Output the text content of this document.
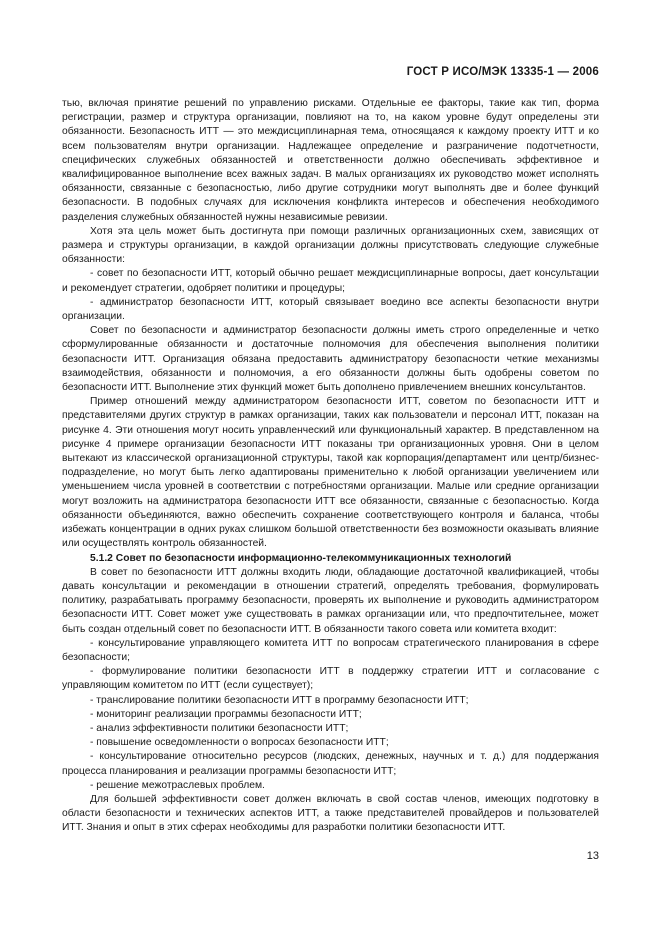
ГОСТ Р ИСО/МЭК 13335-1 — 2006

тью, включая принятие решений по управлению рисками. Отдельные ее факторы, такие как тип, форма регистрации, размер и структура организации, повлияют на то, на каком уровне будут определены эти обязанности. Безопасность ИТТ — это междисциплинарная тема, относящаяся к каждому проекту ИТТ и ко всем пользователям внутри организации. Надлежащее определение и разграничение подотчетности, специфических служебных обязанностей и ответственности должно обеспечивать эффективное и квалифицированное выполнение всех важных задач. В малых организациях их руководство может исполнять обязанности, связанные с безопасностью, либо другие сотрудники могут выполнять две и более функций безопасности. В подобных случаях для исключения конфликта интересов и обеспечения необходимого разделения служебных обязанностей нужны независимые ревизии.

Хотя эта цель может быть достигнута при помощи различных организационных схем, зависящих от размера и структуры организации, в каждой организации должны присутствовать следующие служебные обязанности:

- совет по безопасности ИТТ, который обычно решает междисциплинарные вопросы, дает консультации и рекомендует стратегии, одобряет политики и процедуры;

- администратор безопасности ИТТ, который связывает воедино все аспекты безопасности внутри организации.

Совет по безопасности и администратор безопасности должны иметь строго определенные и четко сформулированные обязанности и достаточные полномочия для обеспечения выполнения политики безопасности ИТТ. Организация обязана предоставить администратору безопасности четкие механизмы взаимодействия, обязанности и полномочия, а его обязанности должны быть одобрены советом по безопасности ИТТ. Выполнение этих функций может быть дополнено привлечением внешних консультантов.

Пример отношений между администратором безопасности ИТТ, советом по безопасности ИТТ и представителями других структур в рамках организации, таких как пользователи и персонал ИТТ, показан на рисунке 4. Эти отношения могут носить управленческий или функциональный характер. В представленном на рисунке 4 примере организации безопасности ИТТ показаны три организационных уровня. Они в целом вытекают из классической организационной структуры, такой как корпорация/департамент или центр/бизнес-подразделение, но могут быть легко адаптированы применительно к любой организации увеличением или уменьшением числа уровней в соответствии с потребностями организации. Малые или средние организации могут возложить на администратора безопасности ИТТ все обязанности, связанные с безопасностью. Когда обязанности объединяются, важно обеспечить сохранение соответствующего контроля и баланса, чтобы избежать концентрации в одних руках слишком большой ответственности без возможности оказывать влияние или осуществлять контроль обязанностей.

5.1.2 Совет по безопасности информационно-телекоммуникационных технологий

В совет по безопасности ИТТ должны входить люди, обладающие достаточной квалификацией, чтобы давать консультации и рекомендации в отношении стратегий, определять требования, формулировать политику, разрабатывать программу безопасности, проверять их выполнение и руководить администратором безопасности ИТТ. Совет может уже существовать в рамках организации или, что предпочтительнее, может быть создан отдельный совет по безопасности ИТТ. В обязанности такого совета или комитета входит:

- консультирование управляющего комитета ИТТ по вопросам стратегического планирования в сфере безопасности;

- формулирование политики безопасности ИТТ в поддержку стратегии ИТТ и согласование с управляющим комитетом по ИТТ (если существует);

- транслирование политики безопасности ИТТ в программу безопасности ИТТ;

- мониторинг реализации программы безопасности ИТТ;

- анализ эффективности политики безопасности ИТТ;

- повышение осведомленности о вопросах безопасности ИТТ;

- консультирование относительно ресурсов (людских, денежных, научных и т. д.) для поддержания процесса планирования и реализации программы безопасности ИТТ;

- решение межотраслевых проблем.

Для большей эффективности совет должен включать в свой состав членов, имеющих подготовку в области безопасности и технических аспектов ИТТ, а также представителей провайдеров и пользователей ИТТ. Знания и опыт в этих сферах необходимы для разработки политики безопасности ИТТ.

13
